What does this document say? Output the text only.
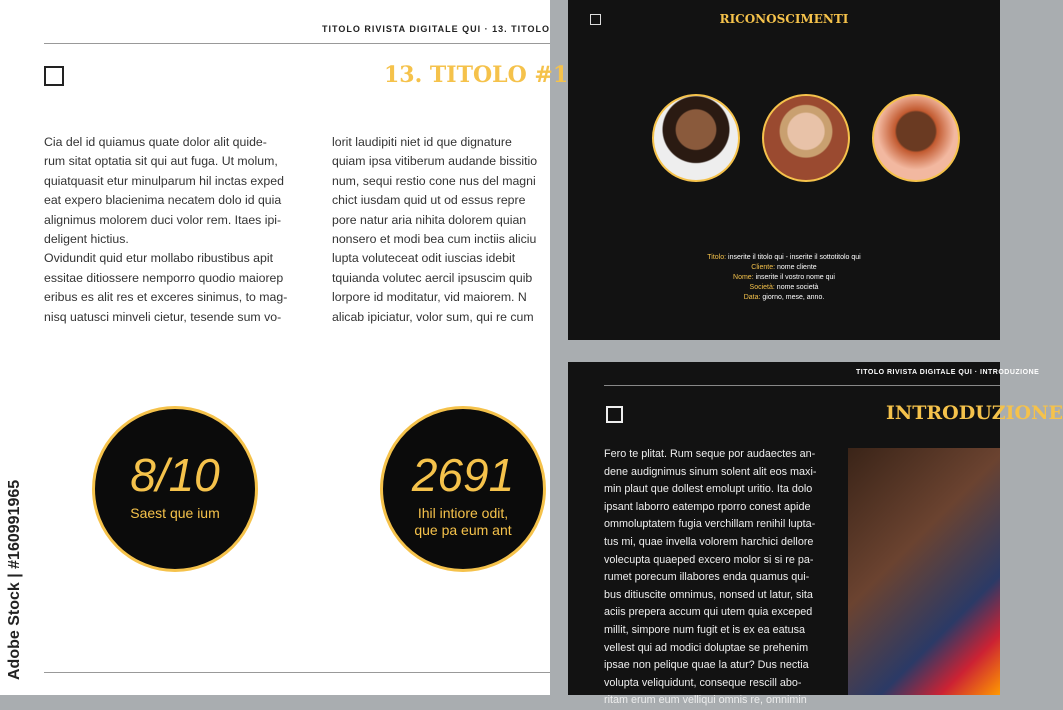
TITOLO RIVISTA DIGITALE QUI · 13. TITOLO
13. TITOLO #1
Cia del id quiamus quate dolor alit quide-
rum sitat optatia sit qui aut fuga. Ut molum,
quiatquasit etur minulparum hil inctas exped
eat expero blacienima necatem dolo id quia
alignimus molorem duci volor rem. Itaes ipi-
deligent hictius.
Ovidundit quid etur mollabo ribustibus apit
essitae ditiossere nemporro quodio maiorep
eribus es alit res et exceres sinimus, to mag-
nisq uatusci minveli cietur, tesende sum vo-
lorit laudipiti niet id que dignature
quiam ipsa vitiberum audande bissitio
num, sequi restio cone nus del magni
chict iusdam quid ut od essus repre
pore natur aria nihita dolorem quian
nonsero et modi bea cum inctiis aliciu
lupta voluteceat odit iuscias idebit
tquianda volutec aercil ipsuscim quib
lorpore id moditatur, vid maiorem. N
alicab ipiciatur, volor sum, qui re cum
8/10
Saest que ium
2691
Ihil intiore odit, que pa eum ant
Adobe Stock | #160991965
RICONOSCIMENTI
Titolo: inserite il titolo qui - inserite il sottotitolo qui
Cliente: nome cliente
Nome: inserite il vostro nome qui
Società: nome società
Data: giorno, mese, anno.
TITOLO RIVISTA DIGITALE QUI · INTRODUZIONE
INTRODUZIONE
Fero te plitat. Rum seque por audaectes an-
dene audignimus sinum solent alit eos maxi-
min plaut que dollest emolupt uritio. Ita dolo
ipsant laborro eatempo rporro conest apide
ommoluptatem fugia verchillam renihil lupta-
tus mi, quae invella volorem harchici dellore
volecupta quaeped excero molor si si re pa-
rumet porecum illabores enda quamus qui-
bus ditiuscite omnimus, nonsed ut latur, sita
aciis prepera accum qui utem quia exceped
millit, simpore num fugit et is ex ea eatusa
vellest qui ad modici doluptae se prehenim
ipsae non pelique quae la atur? Dus nectia
volupta veliquidunt, conseque rescill abo-
ritam erum eum velliqui omnis re, omnimin
